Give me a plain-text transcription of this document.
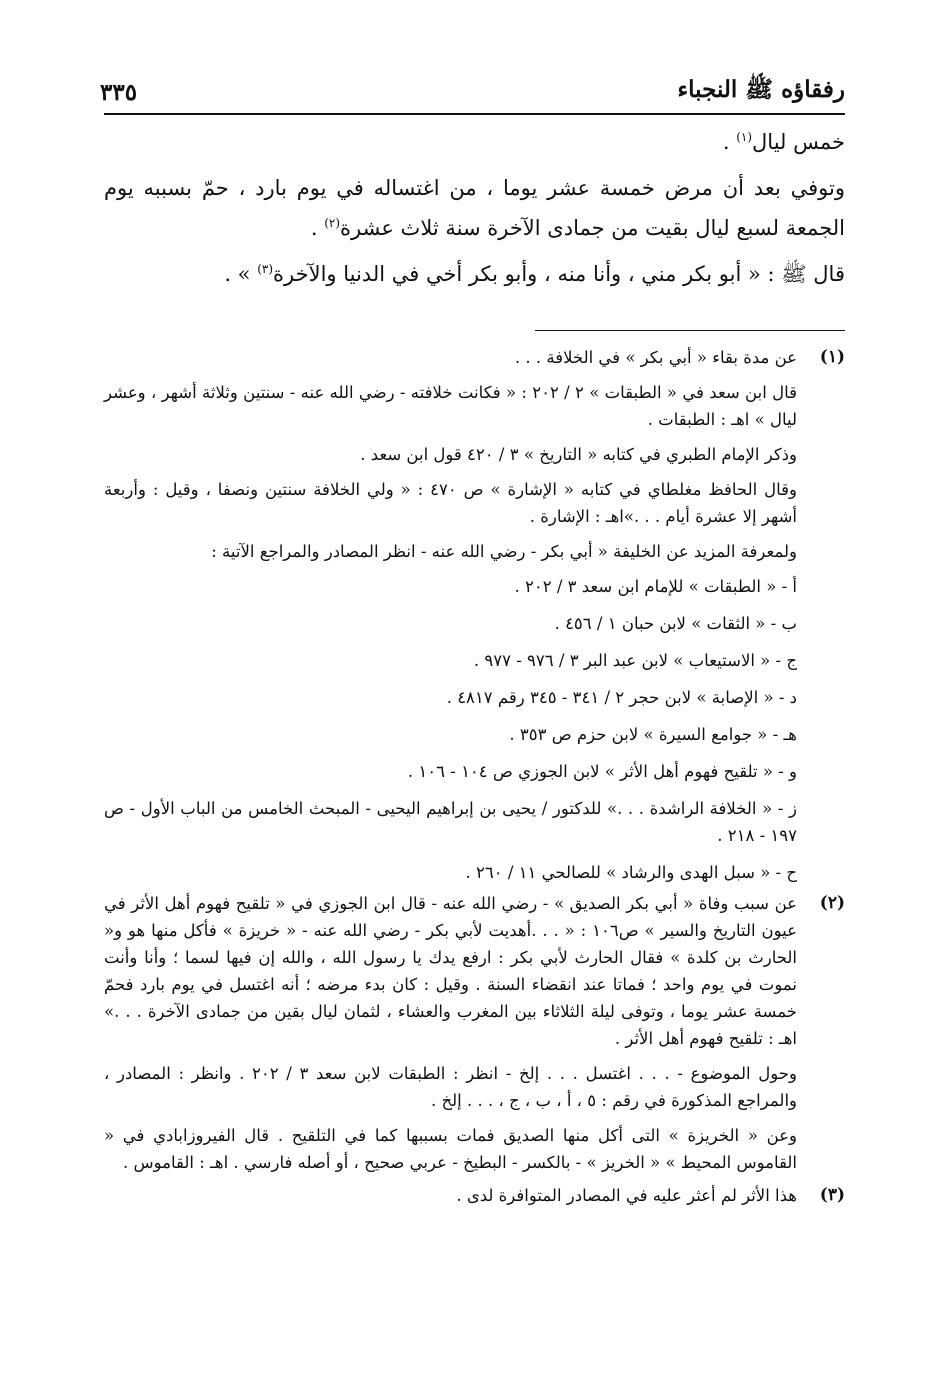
رفقاؤه ﷺ النجباء
٣٣٥

خمس ليال$^{(١)}$ .

وتوفي بعد أن مرض خمسة عشر يوما ، من اغتساله في يوم بارد ، حمّ بسببه يوم الجمعة لسبع ليال بقيت من جمادى الآخرة سنة ثلاث عشرة$^{(٢)}$ .

قال ﷺ : « أبو بكر مني ، وأنا منه ، وأبو بكر أخي في الدنيا والآخرة$^{(٣)}$ » .

(١)

عن مدة بقاء « أبي بكر » في الخلافة . . .

قال ابن سعد في « الطبقات » ٢ / ٢٠٢ : « فكانت خلافته - رضي الله عنه - سنتين وثلاثة أشهر ، وعشر ليال » اهـ : الطبقات .

وذكر الإمام الطبري في كتابه « التاريخ » ٣ / ٤٢٠ قول ابن سعد .

وقال الحافظ مغلطاي في كتابه « الإشارة » ص ٤٧٠ : « ولي الخلافة سنتين ونصفا ، وقيل : وأربعة أشهر إلا عشرة أيام . . .»اهـ : الإشارة .

ولمعرفة المزيد عن الخليفة « أبي بكر - رضي الله عنه - انظر المصادر والمراجع الآتية :

أ - « الطبقات » للإمام ابن سعد ٣ / ٢٠٢ .

ب - « الثقات » لابن حبان ١ / ٤٥٦ .

ج - « الاستيعاب » لابن عبد البر ٣ / ٩٧٦ - ٩٧٧ .

د - « الإصابة » لابن حجر ٢ / ٣٤١ - ٣٤٥ رقم ٤٨١٧ .

هـ - « جوامع السيرة » لابن حزم ص ٣٥٣ .

و - « تلقيح فهوم أهل الأثر » لابن الجوزي ص ١٠٤ - ١٠٦ .

ز - « الخلافة الراشدة . . .» للدكتور / يحيى بن إبراهيم اليحيى - المبحث الخامس من الباب الأول - ص ١٩٧ - ٢١٨ .

ح - « سبل الهدى والرشاد » للصالحي ١١ / ٢٦٠ .

(٢)

عن سبب وفاة « أبي بكر الصديق » - رضي الله عنه - قال ابن الجوزي في « تلقيح فهوم أهل الأثر في عيون التاريخ والسير » ص١٠٦ : « . . .أهديت لأبي بكر - رضي الله عنه - « خريزة » فأكل منها هو و« الحارث بن كلدة » فقال الحارث لأبي بكر : ارفع يدك يا رسول الله ، والله إن فيها لسما ؛ وأنا وأنت نموت في يوم واحد ؛ فماتا عند انقضاء السنة . وقيل : كان بدء مرضه ؛ أنه اغتسل في يوم بارد فحمّ خمسة عشر يوما ، وتوفى ليلة الثلاثاء بين المغرب والعشاء ، لثمان ليال بقين من جمادى الآخرة . . .» اهـ : تلقيح فهوم أهل الأثر .

وحول الموضوع - . . . اغتسل . . . إلخ - انظر : الطبقات لابن سعد ٣ / ٢٠٢ . وانظر : المصادر ، والمراجع المذكورة في رقم : ٥ ، أ ، ب ، ج ، . . . إلخ .

وعن « الخريزة » التى أكل منها الصديق فمات بسببها كما في التلقيح . قال الفيروزابادي في « القاموس المحيط » « الخريز » - بالكسر - البطيخ - عربي صحيح ، أو أصله فارسي . اهـ : القاموس .

(٣)

هذا الأثر لم أعثر عليه في المصادر المتوافرة لدى .
